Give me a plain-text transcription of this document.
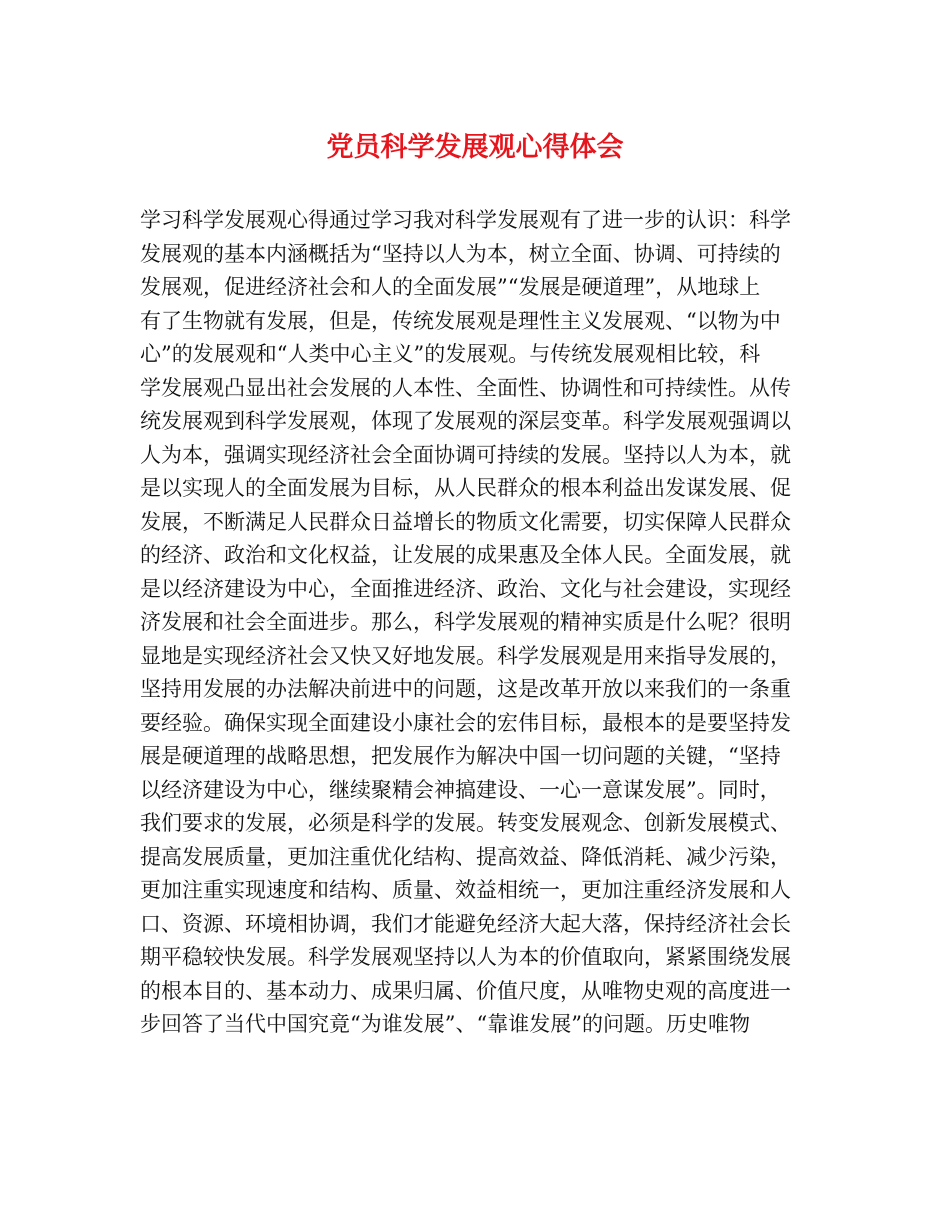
党员科学发展观心得体会
学习科学发展观心得通过学习我对科学发展观有了进一步的认识：科学
发展观的基本内涵概括为“坚持以人为本，树立全面、协调、可持续的
发展观，促进经济社会和人的全面发展”“发展是硬道理”，从地球上
有了生物就有发展，但是，传统发展观是理性主义发展观、“以物为中
心”的发展观和“人类中心主义”的发展观。与传统发展观相比较，科
学发展观凸显出社会发展的人本性、全面性、协调性和可持续性。从传
统发展观到科学发展观，体现了发展观的深层变革。科学发展观强调以
人为本，强调实现经济社会全面协调可持续的发展。坚持以人为本，就
是以实现人的全面发展为目标，从人民群众的根本利益出发谋发展、促
发展，不断满足人民群众日益增长的物质文化需要，切实保障人民群众
的经济、政治和文化权益，让发展的成果惠及全体人民。全面发展，就
是以经济建设为中心，全面推进经济、政治、文化与社会建设，实现经
济发展和社会全面进步。那么，科学发展观的精神实质是什么呢？很明
显地是实现经济社会又快又好地发展。科学发展观是用来指导发展的，
坚持用发展的办法解决前进中的问题，这是改革开放以来我们的一条重
要经验。确保实现全面建设小康社会的宏伟目标，最根本的是要坚持发
展是硬道理的战略思想，把发展作为解决中国一切问题的关键，“坚持
以经济建设为中心，继续聚精会神搞建设、一心一意谋发展”。同时，
我们要求的发展，必须是科学的发展。转变发展观念、创新发展模式、
提高发展质量，更加注重优化结构、提高效益、降低消耗、减少污染，
更加注重实现速度和结构、质量、效益相统一，更加注重经济发展和人
口、资源、环境相协调，我们才能避免经济大起大落，保持经济社会长
期平稳较快发展。科学发展观坚持以人为本的价值取向，紧紧围绕发展
的根本目的、基本动力、成果归属、价值尺度，从唯物史观的高度进一
步回答了当代中国究竟“为谁发展”、“靠谁发展”的问题。历史唯物
